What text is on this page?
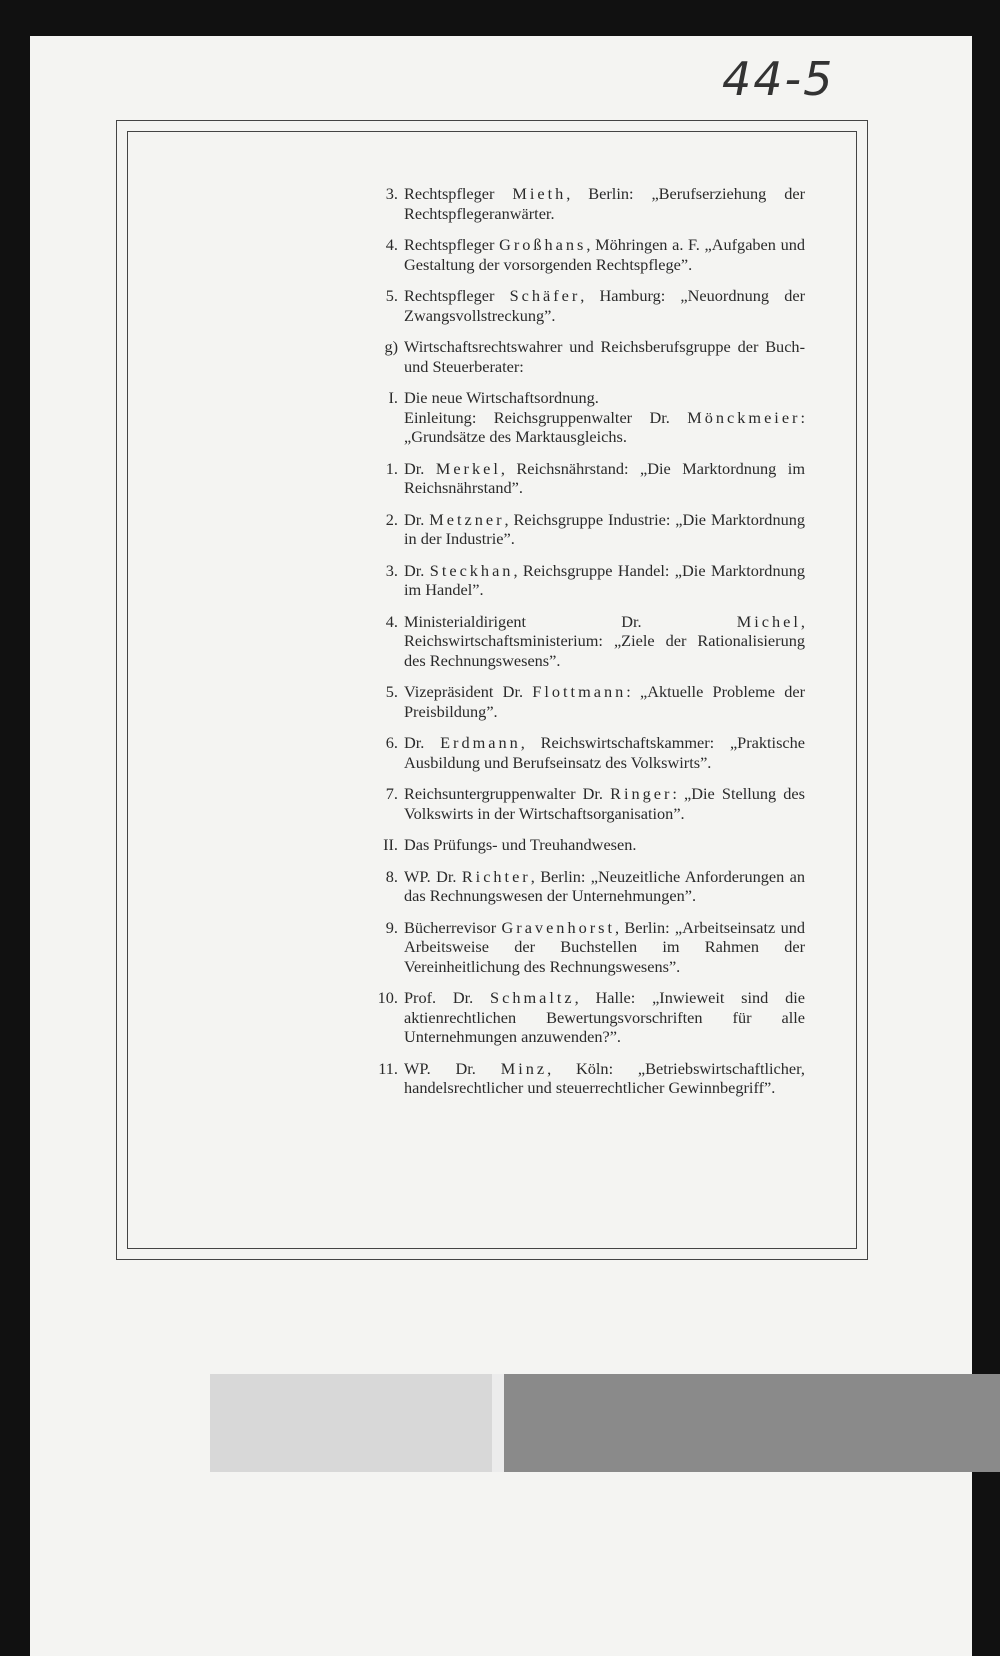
44-5
3. Rechtspfleger Mieth, Berlin: „Berufserziehung der Rechtspflegeranwärter.
4. Rechtspfleger Großhans, Möhringen a. F. „Aufgaben und Gestaltung der vorsorgenden Rechtspflege”.
5. Rechtspfleger Schäfer, Hamburg: „Neuordnung der Zwangsvollstreckung”.
g) Wirtschaftsrechtswahrer und Reichsberufsgruppe der Buch- und Steuerberater:
I. Die neue Wirtschaftsordnung.
Einleitung: Reichsgruppenwalter Dr. Mönckmeier: „Grundsätze des Marktausgleichs.
1. Dr. Merkel, Reichsnährstand: „Die Marktordnung im Reichsnährstand”.
2. Dr. Metzner, Reichsgruppe Industrie: „Die Marktordnung in der Industrie”.
3. Dr. Steckhan, Reichsgruppe Handel: „Die Marktordnung im Handel”.
4. Ministerialdirigent Dr. Michel, Reichswirtschaftsministerium: „Ziele der Rationalisierung des Rechnungswesens”.
5. Vizepräsident Dr. Flottmann: „Aktuelle Probleme der Preisbildung”.
6. Dr. Erdmann, Reichswirtschaftskammer: „Praktische Ausbildung und Berufseinsatz des Volkswirts”.
7. Reichsuntergruppenwalter Dr. Ringer: „Die Stellung des Volkswirts in der Wirtschaftsorganisation”.
II. Das Prüfungs- und Treuhandwesen.
8. WP. Dr. Richter, Berlin: „Neuzeitliche Anforderungen an das Rechnungswesen der Unternehmungen”.
9. Bücherrevisor Gravenhorst, Berlin: „Arbeitseinsatz und Arbeitsweise der Buchstellen im Rahmen der Vereinheitlichung des Rechnungswesens”.
10. Prof. Dr. Schmaltz, Halle: „Inwieweit sind die aktienrechtlichen Bewertungsvorschriften für alle Unternehmungen anzuwenden?”.
11. WP. Dr. Minz, Köln: „Betriebswirtschaftlicher, handelsrechtlicher und steuerrechtlicher Gewinnbegriff”.
